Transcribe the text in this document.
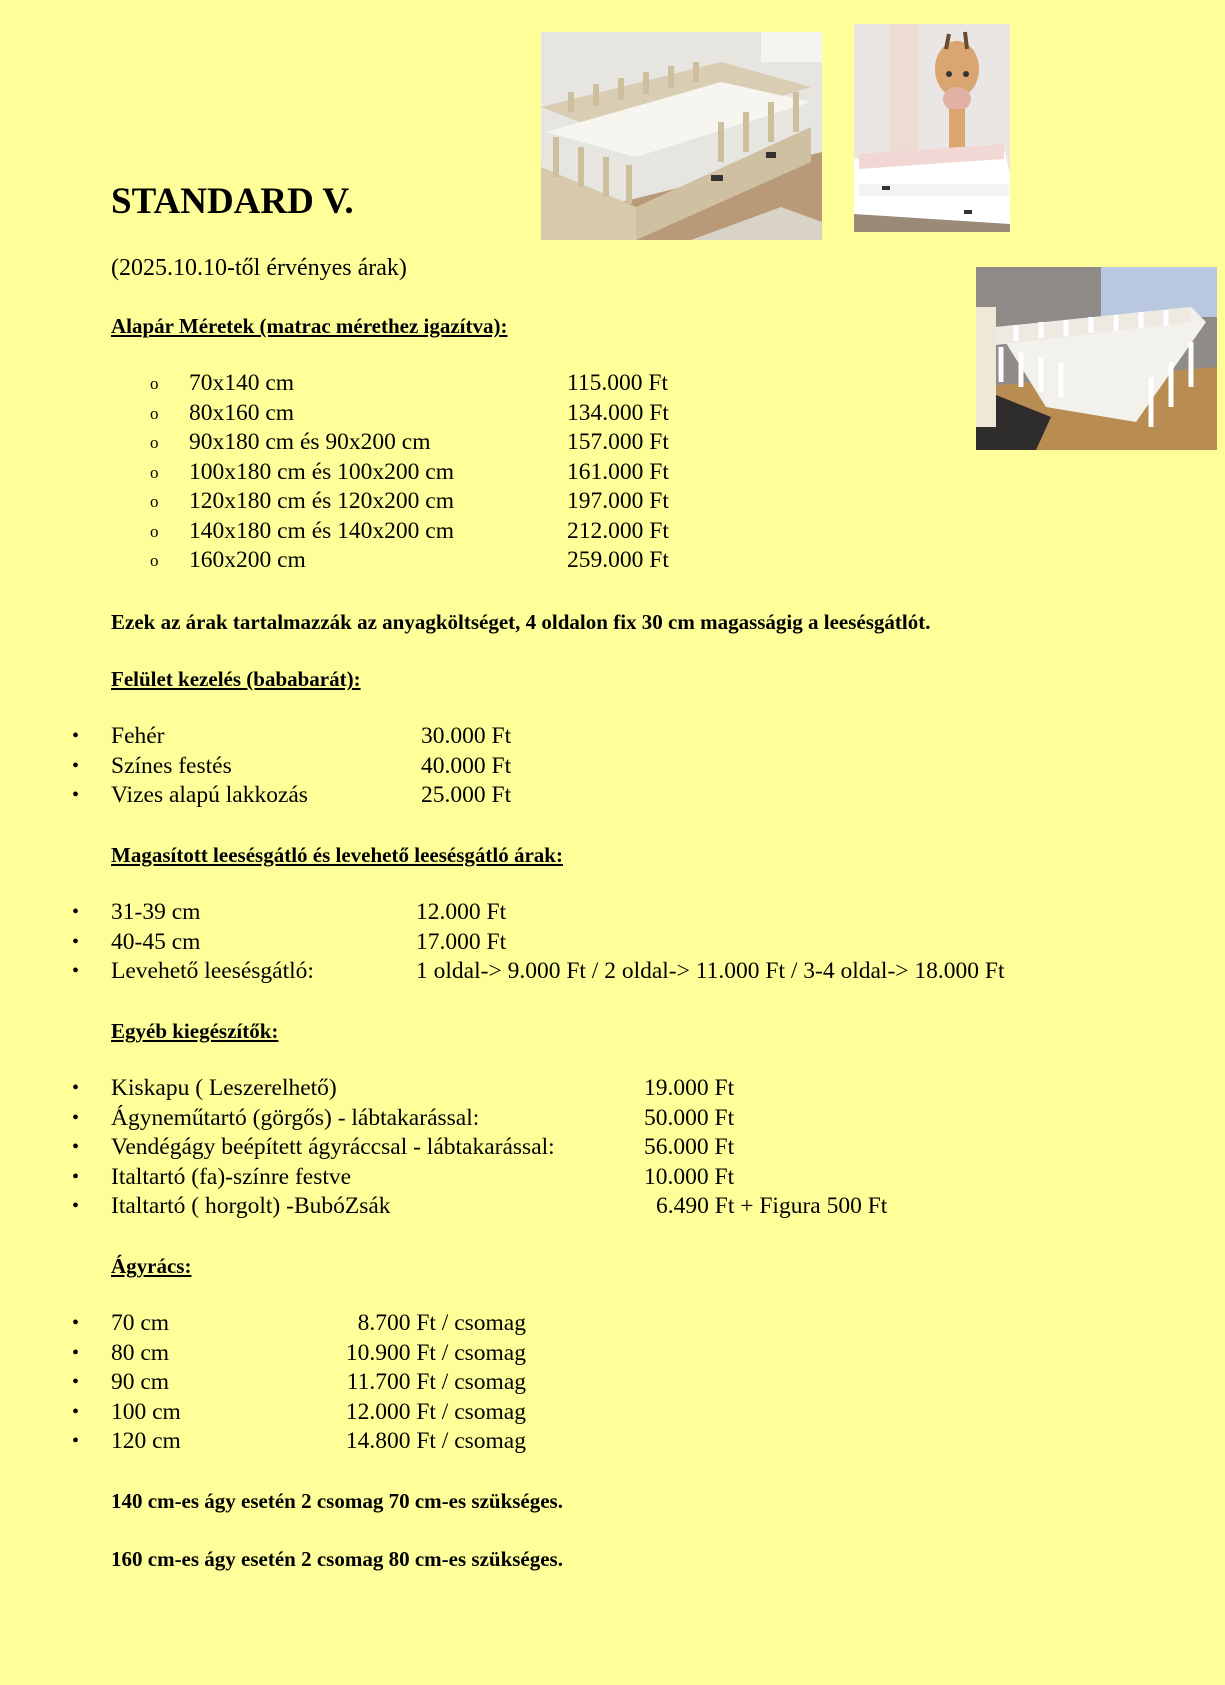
STANDARD V.
(2025.10.10-től érvényes árak)
Alapár Méretek (matrac mérethez igazítva):
o 70x140 cm	115.000 Ft
o 80x160 cm	134.000 Ft
o 90x180 cm és 90x200 cm	157.000 Ft
o 100x180 cm és 100x200 cm	161.000 Ft
o 120x180 cm és 120x200 cm	197.000 Ft
o 140x180 cm és 140x200 cm	212.000 Ft
o 160x200 cm	259.000 Ft
Ezek az árak tartalmazzák az anyagköltséget, 4 oldalon fix 30 cm magasságig a leesésgátlót.
Felület kezelés (bababarát):
• Fehér	30.000 Ft
• Színes festés	40.000 Ft
• Vizes alapú lakkozás	25.000 Ft
Magasított leesésgátló és levehető leesésgátló árak:
• 31-39 cm	12.000 Ft
• 40-45 cm	17.000 Ft
• Levehető leesésgátló:	1 oldal-> 9.000 Ft / 2 oldal-> 11.000 Ft / 3-4 oldal-> 18.000 Ft
Egyéb kiegészítők:
• Kiskapu ( Leszerelhető)	19.000 Ft
• Ágyneműtartó (görgős) - lábtakarással:	50.000 Ft
• Vendégágy beépített ágyráccsal - lábtakarással:	56.000 Ft
• Italtartó (fa)-színre festve	10.000 Ft
• Italtartó ( horgolt) -BubóZsák	6.490 Ft + Figura 500 Ft
Ágyrács:
• 70 cm	8.700 Ft / csomag
• 80 cm	10.900 Ft / csomag
• 90 cm	11.700 Ft / csomag
• 100 cm	12.000 Ft / csomag
• 120 cm	14.800 Ft / csomag
140 cm-es ágy esetén 2 csomag 70 cm-es szükséges.
160 cm-es ágy esetén 2 csomag 80 cm-es szükséges.
